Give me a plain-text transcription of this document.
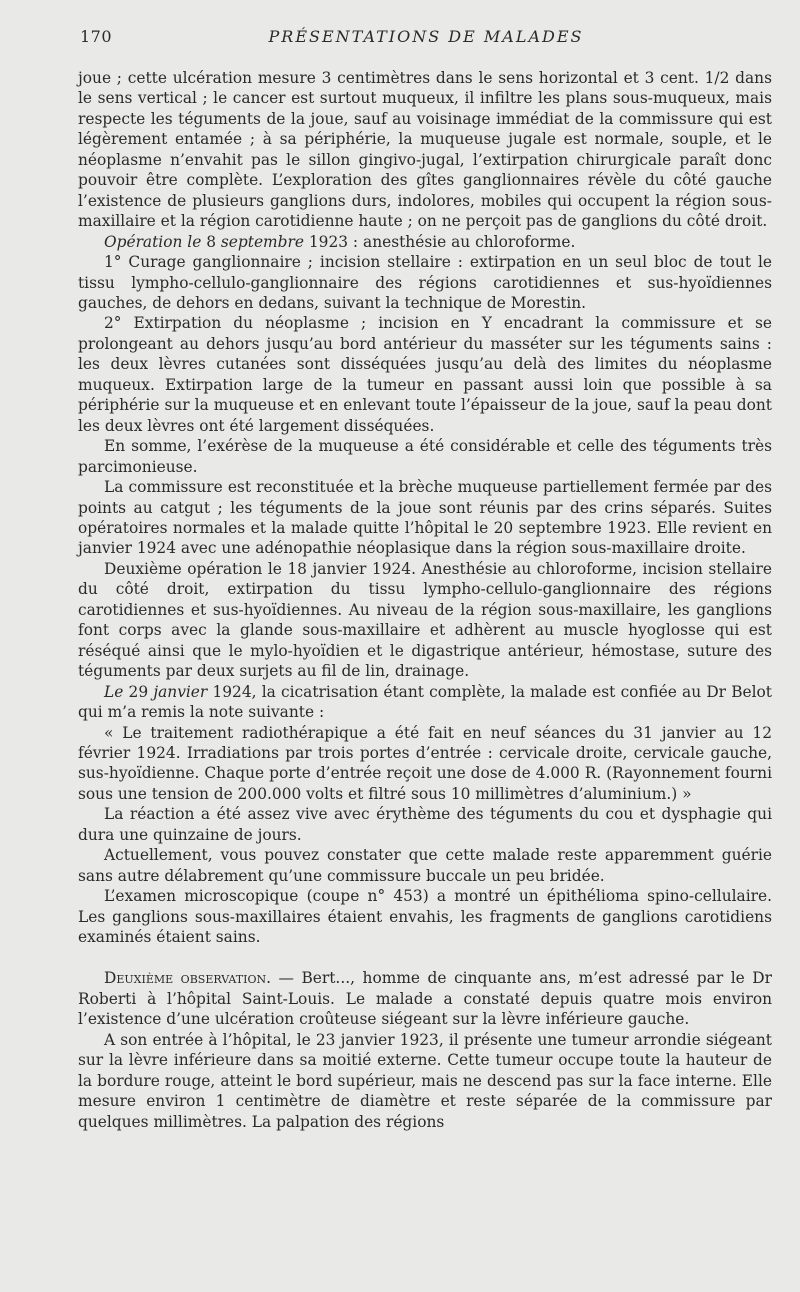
170	PRÉSENTATIONS DE MALADES

joue ; cette ulcération mesure 3 centimètres dans le sens horizontal et 3 cent. 1/2 dans le sens vertical ; le cancer est surtout muqueux, il infiltre les plans sous-muqueux, mais respecte les téguments de la joue, sauf au voisinage immédiat de la commissure qui est légèrement entamée ; à sa périphérie, la muqueuse jugale est normale, souple, et le néoplasme n’envahit pas le sillon gingivo-jugal, l’extirpation chirurgicale paraît donc pouvoir être complète. L’exploration des gîtes ganglionnaires révèle du côté gauche l’existence de plusieurs ganglions durs, indolores, mobiles qui occupent la région sous-maxillaire et la région carotidienne haute ; on ne perçoit pas de ganglions du côté droit.

Opération le 8 septembre 1923 : anesthésie au chloroforme.

1° Curage ganglionnaire ; incision stellaire : extirpation en un seul bloc de tout le tissu lympho-cellulo-ganglionnaire des régions carotidiennes et sus-hyoïdiennes gauches, de dehors en dedans, suivant la technique de Morestin.

2° Extirpation du néoplasme ; incision en Y encadrant la commissure et se prolongeant au dehors jusqu’au bord antérieur du masséter sur les téguments sains : les deux lèvres cutanées sont disséquées jusqu’au delà des limites du néoplasme muqueux. Extirpation large de la tumeur en passant aussi loin que possible à sa périphérie sur la muqueuse et en enlevant toute l’épaisseur de la joue, sauf la peau dont les deux lèvres ont été largement disséquées.

En somme, l’exérèse de la muqueuse a été considérable et celle des téguments très parcimonieuse.

La commissure est reconstituée et la brèche muqueuse partiellement fermée par des points au catgut ; les téguments de la joue sont réunis par des crins séparés. Suites opératoires normales et la malade quitte l’hôpital le 20 septembre 1923. Elle revient en janvier 1924 avec une adénopathie néoplasique dans la région sous-maxillaire droite.

Deuxième opération le 18 janvier 1924. Anesthésie au chloroforme, incision stellaire du côté droit, extirpation du tissu lympho-cellulo-ganglionnaire des régions carotidiennes et sus-hyoïdiennes. Au niveau de la région sous-maxillaire, les ganglions font corps avec la glande sous-maxillaire et adhèrent au muscle hyoglosse qui est réséqué ainsi que le mylo-hyoïdien et le digastrique antérieur, hémostase, suture des téguments par deux surjets au fil de lin, drainage.

Le 29 janvier 1924, la cicatrisation étant complète, la malade est confiée au Dr Belot qui m’a remis la note suivante :

« Le traitement radiothérapique a été fait en neuf séances du 31 janvier au 12 février 1924. Irradiations par trois portes d’entrée : cervicale droite, cervicale gauche, sus-hyoïdienne. Chaque porte d’entrée reçoit une dose de 4.000 R. (Rayonnement fourni sous une tension de 200.000 volts et filtré sous 10 millimètres d’aluminium.) »

La réaction a été assez vive avec érythème des téguments du cou et dysphagie qui dura une quinzaine de jours.

Actuellement, vous pouvez constater que cette malade reste apparemment guérie sans autre délabrement qu’une commissure buccale un peu bridée.

L’examen microscopique (coupe n° 453) a montré un épithélioma spino-cellulaire. Les ganglions sous-maxillaires étaient envahis, les fragments de ganglions carotidiens examinés étaient sains.

Deuxième observation. — Bert..., homme de cinquante ans, m’est adressé par le Dr Roberti à l’hôpital Saint-Louis. Le malade a constaté depuis quatre mois environ l’existence d’une ulcération croûteuse siégeant sur la lèvre inférieure gauche.

A son entrée à l’hôpital, le 23 janvier 1923, il présente une tumeur arrondie siégeant sur la lèvre inférieure dans sa moitié externe. Cette tumeur occupe toute la hauteur de la bordure rouge, atteint le bord supérieur, mais ne descend pas sur la face interne. Elle mesure environ 1 centimètre de diamètre et reste séparée de la commissure par quelques millimètres. La palpation des régions
